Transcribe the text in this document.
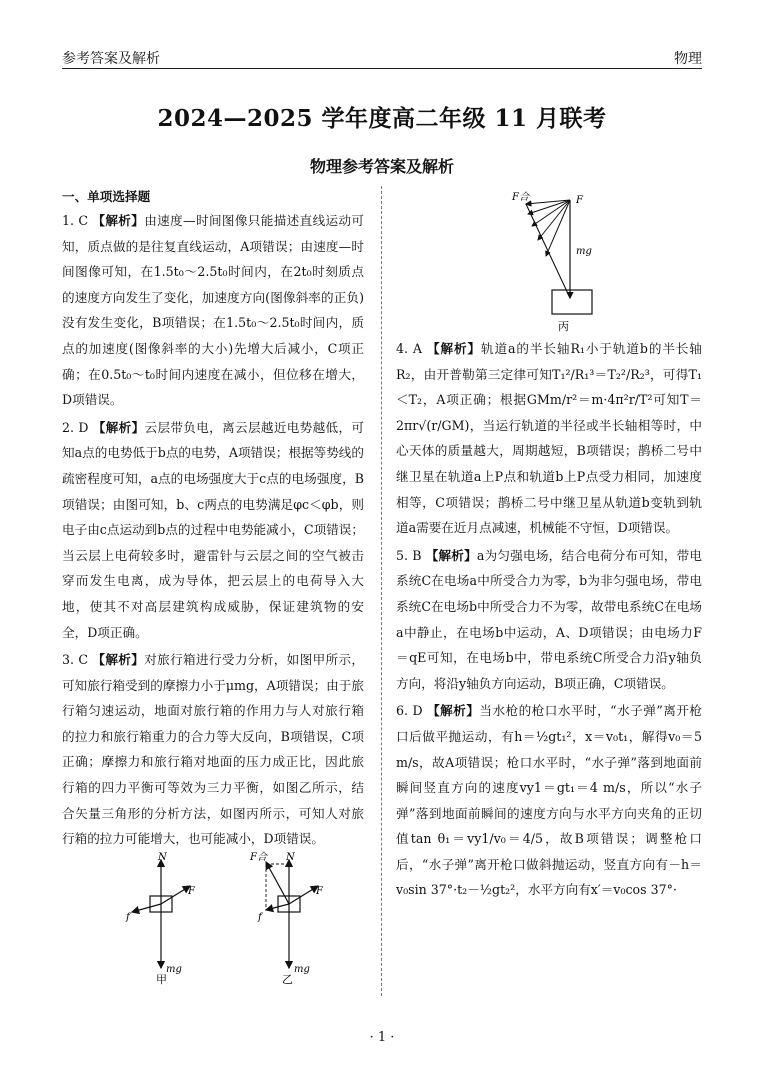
参考答案及解析	物理
2024—2025 学年度高二年级 11 月联考
物理参考答案及解析
一、单项选择题

1. C 【解析】由速度—时间图像只能描述直线运动可知，质点做的是往复直线运动，A项错误；由速度—时间图像可知，在1.5t₀～2.5t₀时间内，在2t₀时刻质点的速度方向发生了变化，加速度方向(图像斜率的正负)没有发生变化，B项错误；在1.5t₀～2.5t₀时间内，质点的加速度(图像斜率的大小)先增大后减小，C项正确；在0.5t₀～t₀时间内速度在减小，但位移在增大，D项错误。

2. D 【解析】云层带负电，离云层越近电势越低，可知a点的电势低于b点的电势，A项错误；根据等势线的疏密程度可知，a点的电场强度大于c点的电场强度，B项错误；由图可知，b、c两点的电势满足φc＜φb，则电子由c点运动到b点的过程中电势能减小，C项错误；当云层上电荷较多时，避雷针与云层之间的空气被击穿而发生电离，成为导体，把云层上的电荷导入大地，使其不对高层建筑构成威胁，保证建筑物的安全，D项正确。

3. C 【解析】对旅行箱进行受力分析，如图甲所示，可知旅行箱受到的摩擦力小于μmg，A项错误；由于旅行箱匀速运动，地面对旅行箱的作用力与人对旅行箱的拉力和旅行箱重力的合力等大反向，B项错误，C项正确；摩擦力和旅行箱对地面的压力成正比，因此旅行箱的四力平衡可等效为三力平衡，如图乙所示，结合矢量三角形的分析方法，如图丙所示，可知人对旅行箱的拉力可能增大，也可能减小，D项错误。

N
F
f
mg
甲
F合 N
F
f
mg
乙
F合	F
mg
丙

4. A 【解析】轨道a的半长轴R₁小于轨道b的半长轴R₂，由开普勒第三定律可知T₁²/R₁³＝T₂²/R₂³，可得T₁＜T₂，A项正确；根据GMm/r²＝m·4π²r/T²可知T＝2πr√(r/GM)，当运行轨道的半径或半长轴相等时，中心天体的质量越大，周期越短，B项错误；鹊桥二号中继卫星在轨道a上P点和轨道b上P点受力相同，加速度相等，C项错误；鹊桥二号中继卫星从轨道b变轨到轨道a需要在近月点减速，机械能不守恒，D项错误。

5. B 【解析】a为匀强电场，结合电荷分布可知，带电系统C在电场a中所受合力为零，b为非匀强电场，带电系统C在电场b中所受合力不为零，故带电系统C在电场a中静止，在电场b中运动，A、D项错误；由电场力F＝qE可知，在电场b中，带电系统C所受合力沿y轴负方向，将沿y轴负方向运动，B项正确，C项错误。

6. D 【解析】当水枪的枪口水平时，“水子弹”离开枪口后做平抛运动，有h＝½gt₁²，x＝v₀t₁，解得v₀＝5 m/s，故A项错误；枪口水平时，“水子弹”落到地面前瞬间竖直方向的速度vy1＝gt₁＝4 m/s，所以“水子弹”落到地面前瞬间的速度方向与水平方向夹角的正切值tan θ₁＝vy1/v₀＝4/5，故B项错误；调整枪口后，“水子弹”离开枪口做斜抛运动，竖直方向有－h＝v₀sin 37°·t₂－½gt₂²，水平方向有x′＝v₀cos 37°·

· 1 ·
